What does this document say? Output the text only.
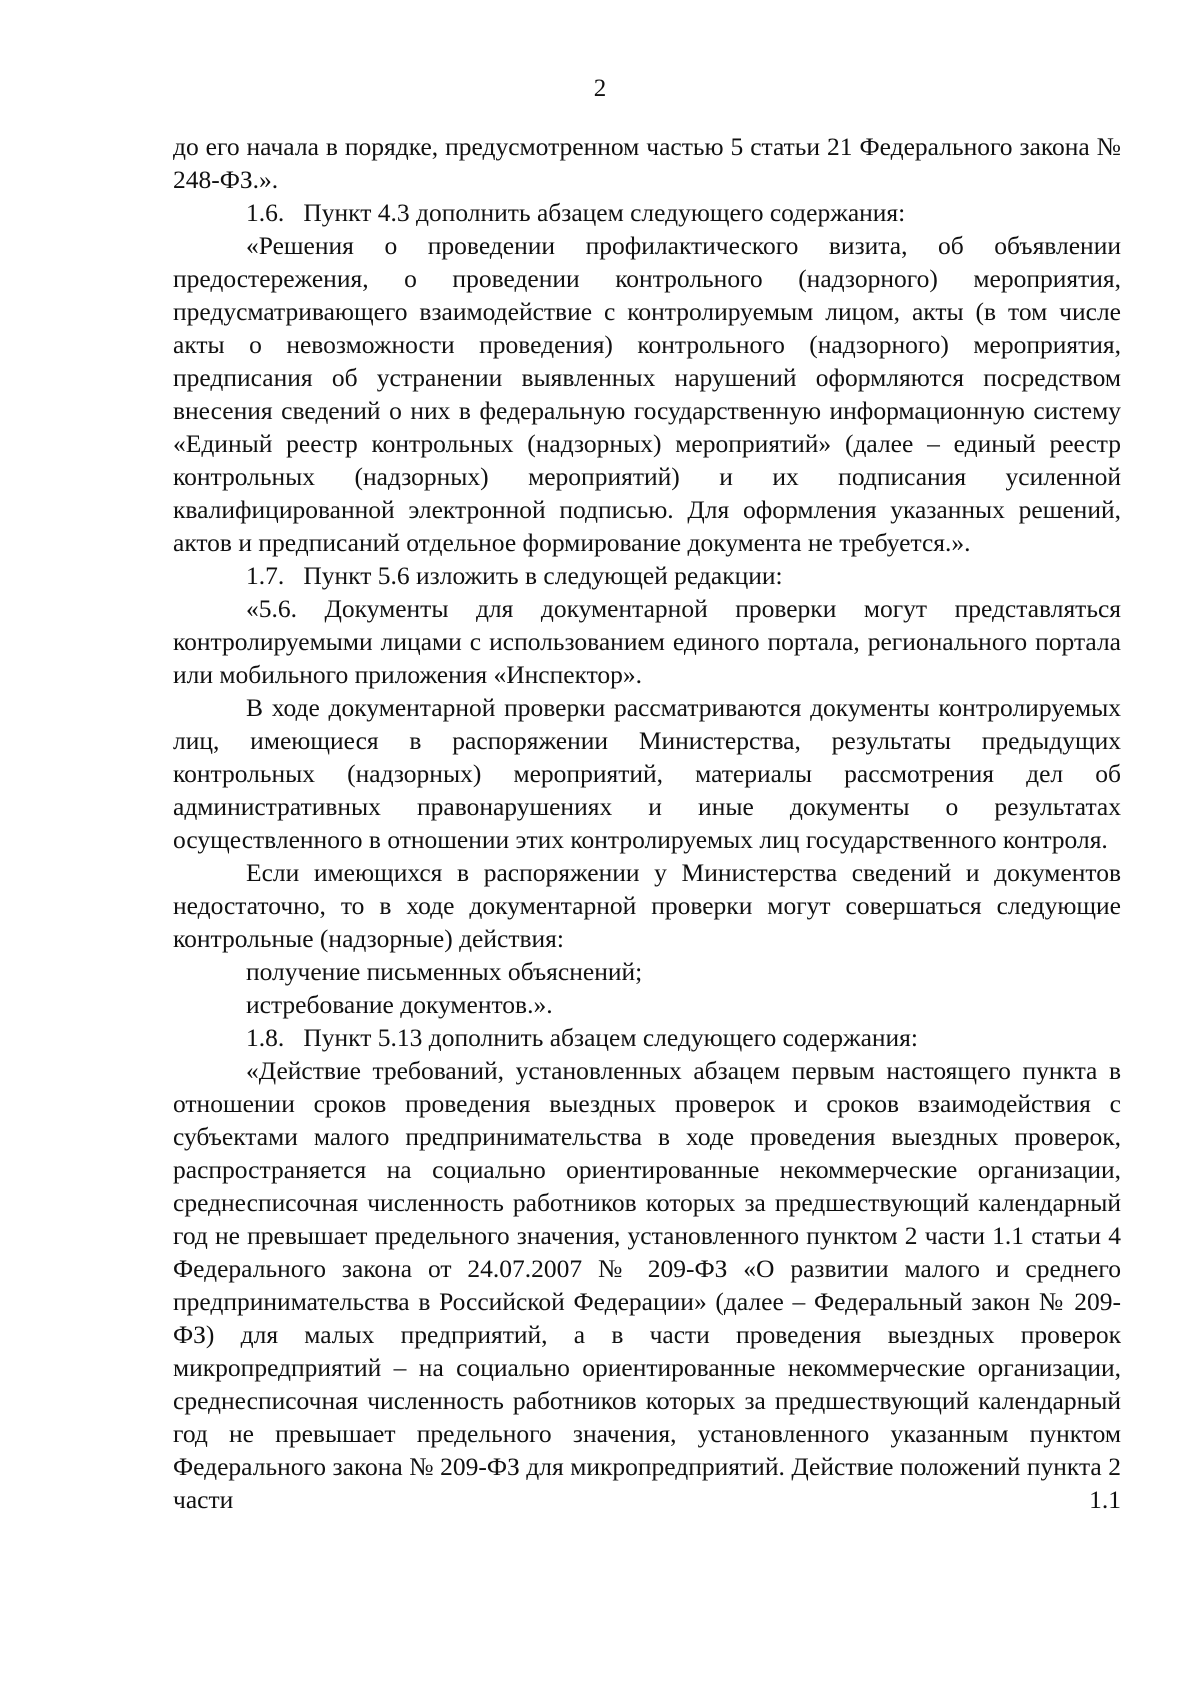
2

до его начала в порядке, предусмотренном частью 5 статьи 21 Федерального закона № 248-ФЗ.».

1.6.   Пункт 4.3 дополнить абзацем следующего содержания:

«Решения о проведении профилактического визита, об объявлении предостережения, о проведении контрольного (надзорного) мероприятия, предусматривающего взаимодействие с контролируемым лицом, акты (в том числе акты о невозможности проведения) контрольного (надзорного) мероприятия, предписания об устранении выявленных нарушений оформляются посредством внесения сведений о них в федеральную государственную информационную систему «Единый реестр контрольных (надзорных) мероприятий» (далее – единый реестр контрольных (надзорных) мероприятий) и их подписания усиленной квалифицированной электронной подписью. Для оформления указанных решений, актов и предписаний отдельное формирование документа не требуется.».

1.7.   Пункт 5.6 изложить в следующей редакции:

«5.6. Документы для документарной проверки могут представляться контролируемыми лицами с использованием единого портала, регионального портала или мобильного приложения «Инспектор».

В ходе документарной проверки рассматриваются документы контролируемых лиц, имеющиеся в распоряжении Министерства, результаты предыдущих контрольных (надзорных) мероприятий, материалы рассмотрения дел об административных правонарушениях и иные документы о результатах осуществленного в отношении этих контролируемых лиц государственного контроля.

Если имеющихся в распоряжении у Министерства сведений и документов недостаточно, то в ходе документарной проверки могут совершаться следующие контрольные (надзорные) действия:

получение письменных объяснений;

истребование документов.».

1.8.   Пункт 5.13 дополнить абзацем следующего содержания:

«Действие требований, установленных абзацем первым настоящего пункта в отношении сроков проведения выездных проверок и сроков взаимодействия с субъектами малого предпринимательства в ходе проведения выездных проверок, распространяется на социально ориентированные некоммерческие организации, среднесписочная численность работников которых за предшествующий календарный год не превышает предельного значения, установленного пунктом 2 части 1.1 статьи 4 Федерального закона от 24.07.2007 № 209-ФЗ «О развитии малого и среднего предпринимательства в Российской Федерации» (далее – Федеральный закон № 209-ФЗ) для малых предприятий, а в части проведения выездных проверок микропредприятий – на социально ориентированные некоммерческие организации, среднесписочная численность работников которых за предшествующий календарный год не превышает предельного значения, установленного указанным пунктом Федерального закона № 209-ФЗ для микропредприятий. Действие положений пункта 2 части 1.1
